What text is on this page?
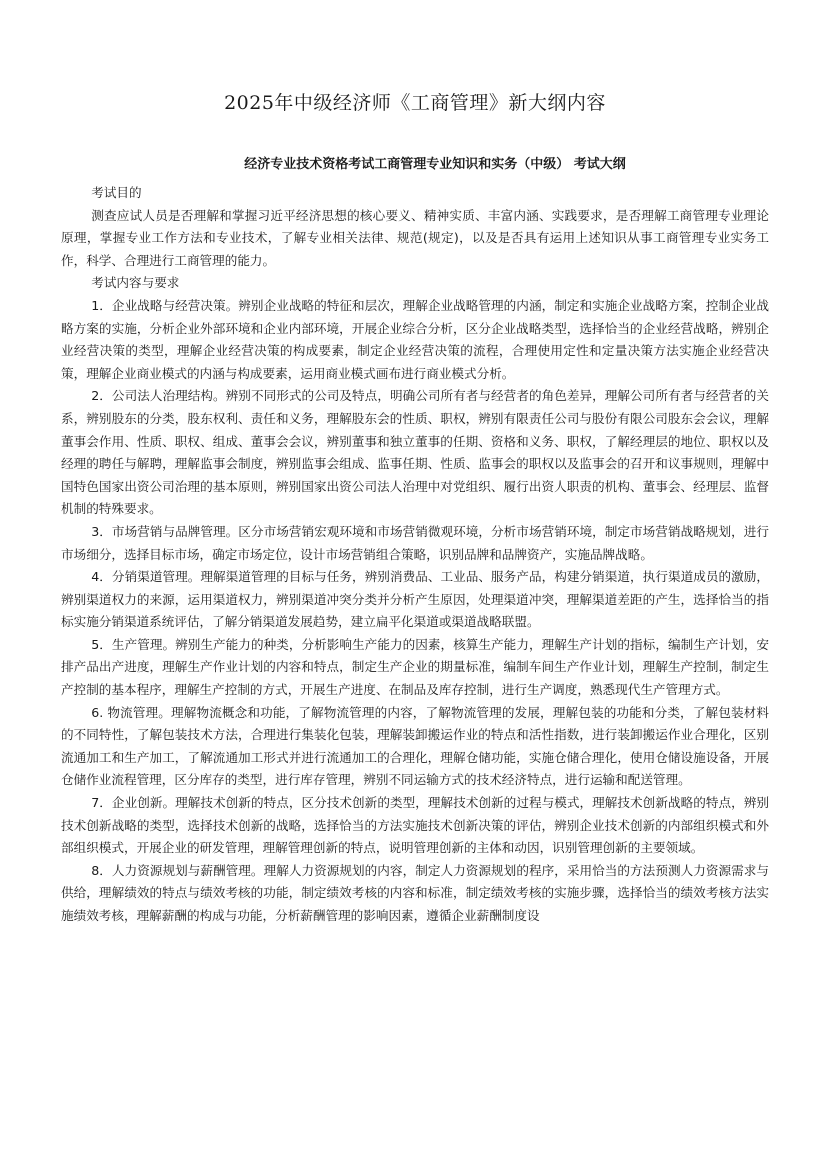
2025年中级经济师《工商管理》新大纲内容
经济专业技术资格考试工商管理专业知识和实务（中级） 考试大纲

考试目的

测查应试人员是否理解和掌握习近平经济思想的核心要义、精神实质、丰富内涵、实践要求，是否理解工商管理专业理论原理，掌握专业工作方法和专业技术，了解专业相关法律、规范(规定)，以及是否具有运用上述知识从事工商管理专业实务工作，科学、合理进行工商管理的能力。

考试内容与要求

1．企业战略与经营决策。辨别企业战略的特征和层次，理解企业战略管理的内涵，制定和实施企业战略方案，控制企业战略方案的实施，分析企业外部环境和企业内部环境，开展企业综合分析，区分企业战略类型，选择恰当的企业经营战略，辨别企业经营决策的类型，理解企业经营决策的构成要素，制定企业经营决策的流程，合理使用定性和定量决策方法实施企业经营决策，理解企业商业模式的内涵与构成要素，运用商业模式画布进行商业模式分析。

2．公司法人治理结构。辨别不同形式的公司及特点，明确公司所有者与经营者的角色差异，理解公司所有者与经营者的关系，辨别股东的分类，股东权利、责任和义务，理解股东会的性质、职权，辨别有限责任公司与股份有限公司股东会会议，理解董事会作用、性质、职权、组成、董事会会议，辨别董事和独立董事的任期、资格和义务、职权，了解经理层的地位、职权以及经理的聘任与解聘，理解监事会制度，辨别监事会组成、监事任期、性质、监事会的职权以及监事会的召开和议事规则，理解中国特色国家出资公司治理的基本原则，辨别国家出资公司法人治理中对党组织、履行出资人职责的机构、董事会、经理层、监督机制的特殊要求。

3．市场营销与品牌管理。区分市场营销宏观环境和市场营销微观环境，分析市场营销环境，制定市场营销战略规划，进行市场细分，选择目标市场，确定市场定位，设计市场营销组合策略，识别品牌和品牌资产，实施品牌战略。

4．分销渠道管理。理解渠道管理的目标与任务，辨别消费品、工业品、服务产品，构建分销渠道，执行渠道成员的激励，辨别渠道权力的来源，运用渠道权力，辨别渠道冲突分类并分析产生原因，处理渠道冲突，理解渠道差距的产生，选择恰当的指标实施分销渠道系统评估，了解分销渠道发展趋势，建立扁平化渠道或渠道战略联盟。

5．生产管理。辨别生产能力的种类，分析影响生产能力的因素，核算生产能力，理解生产计划的指标，编制生产计划，安排产品出产进度，理解生产作业计划的内容和特点，制定生产企业的期量标准，编制车间生产作业计划，理解生产控制，制定生产控制的基本程序，理解生产控制的方式，开展生产进度、在制品及库存控制，进行生产调度，熟悉现代生产管理方式。

6. 物流管理。理解物流概念和功能，了解物流管理的内容，了解物流管理的发展，理解包装的功能和分类，了解包装材料的不同特性，了解包装技术方法，合理进行集装化包装，理解装卸搬运作业的特点和活性指数，进行装卸搬运作业合理化，区别流通加工和生产加工，了解流通加工形式并进行流通加工的合理化，理解仓储功能，实施仓储合理化，使用仓储设施设备，开展仓储作业流程管理，区分库存的类型，进行库存管理，辨别不同运输方式的技术经济特点，进行运输和配送管理。

7．企业创新。理解技术创新的特点，区分技术创新的类型，理解技术创新的过程与模式，理解技术创新战略的特点，辨别技术创新战略的类型，选择技术创新的战略，选择恰当的方法实施技术创新决策的评估，辨别企业技术创新的内部组织模式和外部组织模式，开展企业的研发管理，理解管理创新的特点，说明管理创新的主体和动因，识别管理创新的主要领域。

8．人力资源规划与薪酬管理。理解人力资源规划的内容，制定人力资源规划的程序，采用恰当的方法预测人力资源需求与供给，理解绩效的特点与绩效考核的功能，制定绩效考核的内容和标准，制定绩效考核的实施步骤，选择恰当的绩效考核方法实施绩效考核，理解薪酬的构成与功能，分析薪酬管理的影响因素，遵循企业薪酬制度设
